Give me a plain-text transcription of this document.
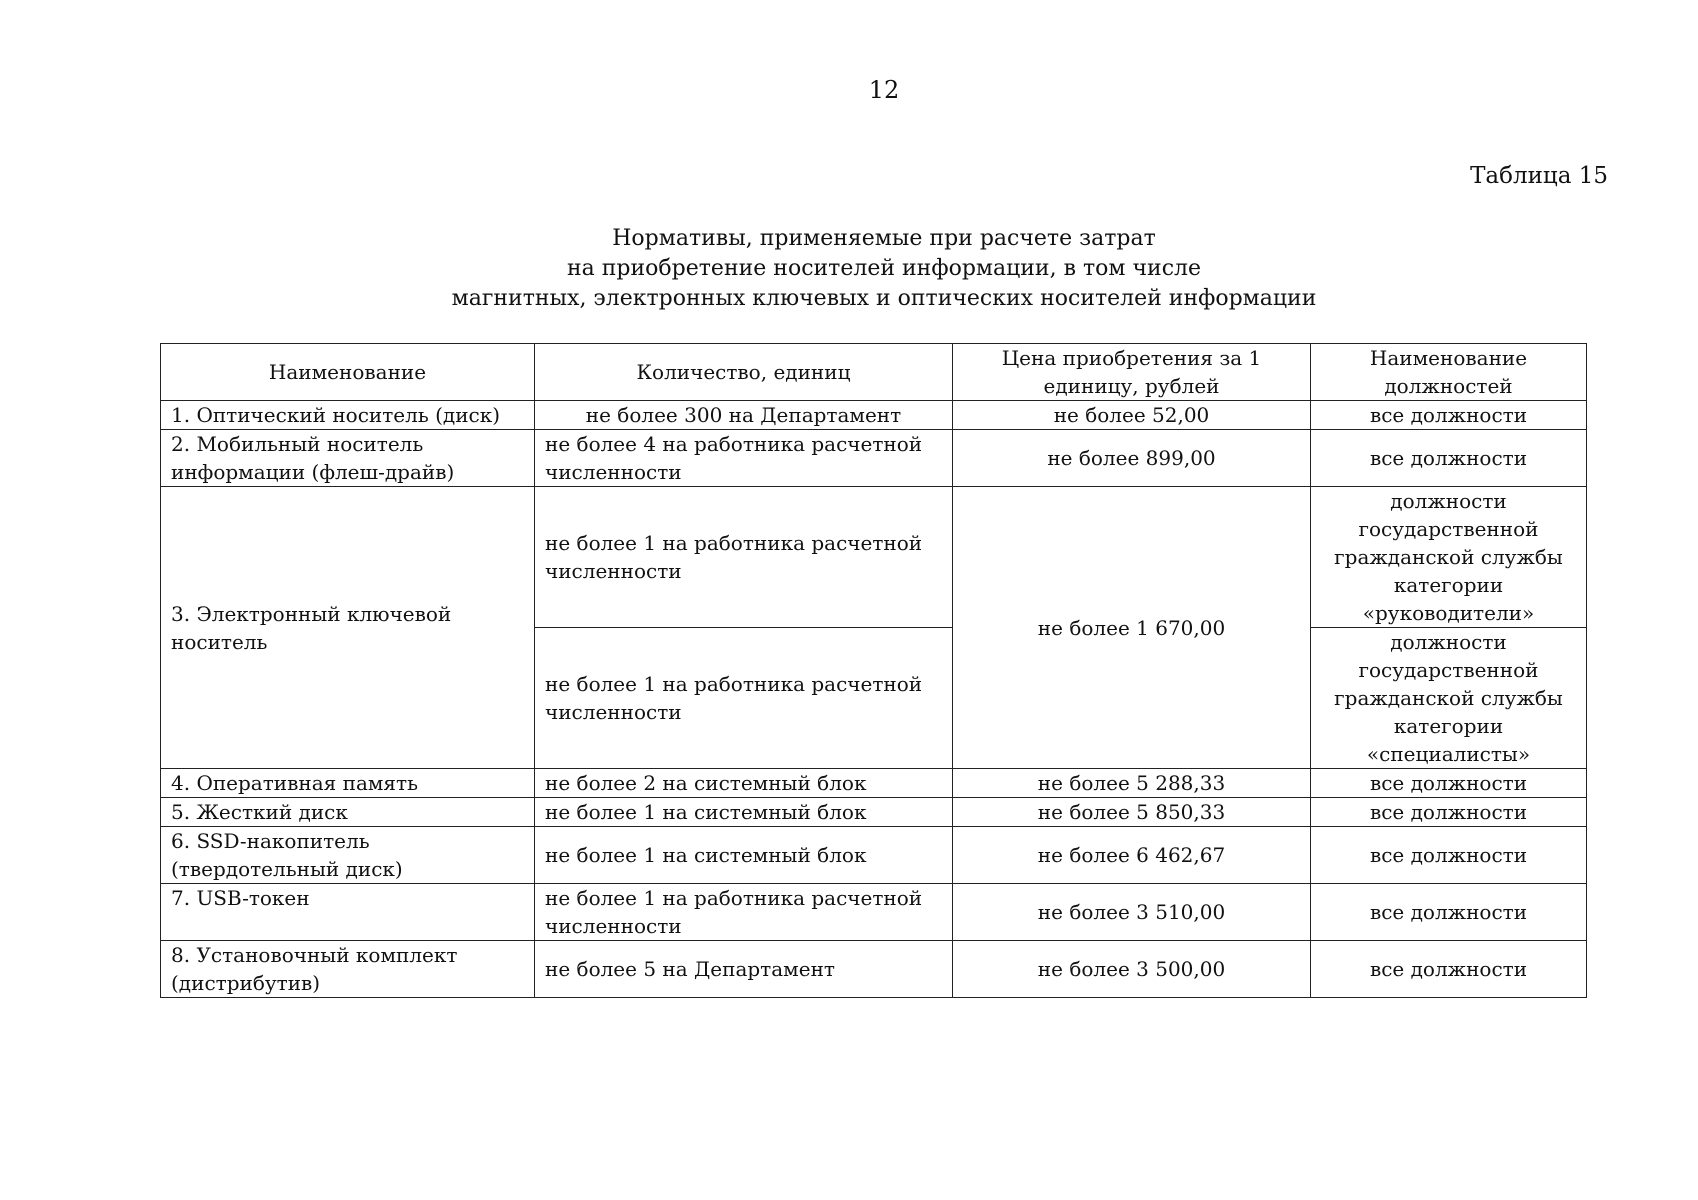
12
Таблица 15
Нормативы, применяемые при расчете затрат
на приобретение носителей информации, в том числе
магнитных, электронных ключевых и оптических носителей информации
Наименование	Количество, единиц	Цена приобретения за 1 единицу, рублей	Наименование должностей
1. Оптический носитель (диск)	не более 300 на Департамент	не более 52,00	все должности
2. Мобильный носитель информации (флеш-драйв)	не более 4 на работника расчетной численности	не более 899,00	все должности
3. Электронный ключевой носитель	не более 1 на работника расчетной численности	не более 1 670,00	должности государственной гражданской службы категории «руководители»
	не более 1 на работника расчетной численности		должности государственной гражданской службы категории «специалисты»
4. Оперативная память	не более 2 на системный блок	не более 5 288,33	все должности
5. Жесткий диск	не более 1 на системный блок	не более 5 850,33	все должности
6. SSD-накопитель (твердотельный диск)	не более 1 на системный блок	не более 6 462,67	все должности
7. USB-токен	не более 1 на работника расчетной численности	не более 3 510,00	все должности
8. Установочный комплект (дистрибутив)	не более 5 на Департамент	не более 3 500,00	все должности
